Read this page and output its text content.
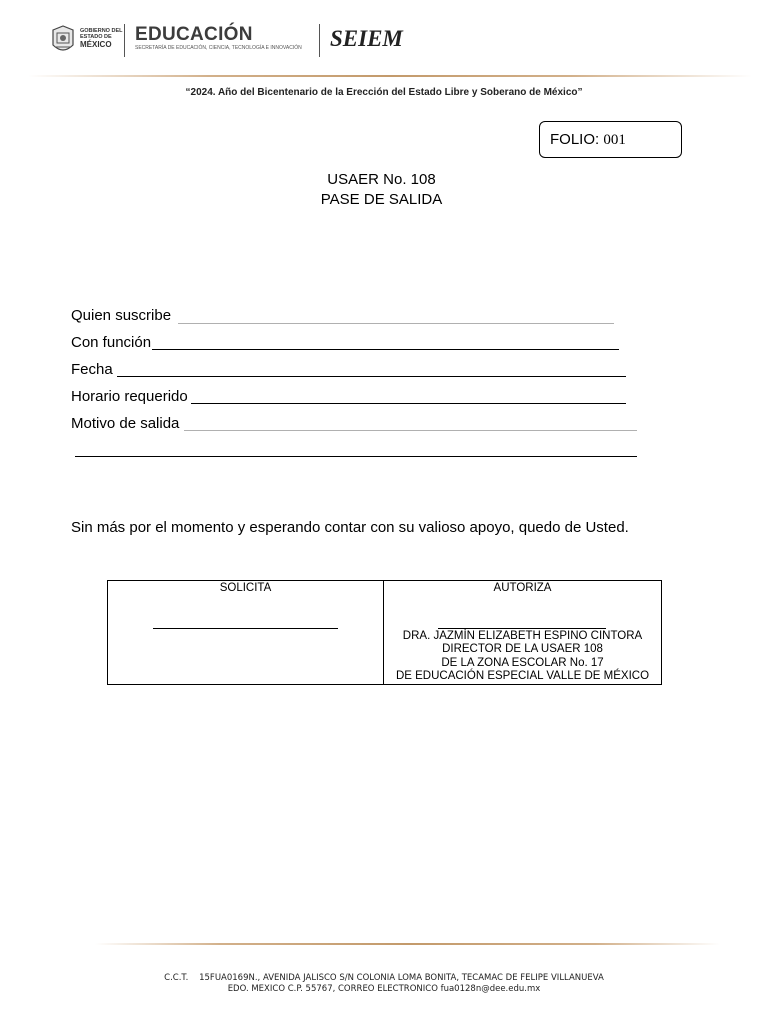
GOBIERNO DEL
ESTADO DE
MÉXICO	EDUCACIÓN
SECRETARÍA DE EDUCACIÓN, CIENCIA, TECNOLOGÍA E INNOVACIÓN SEIEM
“2024. Año del Bicentenario de la Erección del Estado Libre y Soberano de México”
FOLIO: 001
USAER No. 108
PASE DE SALIDA
Quien suscribe
Con función
Fecha
Horario requerido
Motivo de salida
Sin más por el momento y esperando contar con su valioso apoyo, quedo de Usted.
SOLICITA	AUTORIZA
DRA. JAZMÍN ELIZABETH ESPINO CINTORA
DIRECTOR DE LA USAER 108
DE LA ZONA ESCOLAR No. 17
DE EDUCACIÓN ESPECIAL VALLE DE MÉXICO
C.C.T.    15FUA0169N., AVENIDA JALISCO S/N COLONIA LOMA BONITA, TECAMAC DE FELIPE VILLANUEVA
EDO. MEXICO C.P. 55767, CORREO ELECTRONICO fua0128n@dee.edu.mx
